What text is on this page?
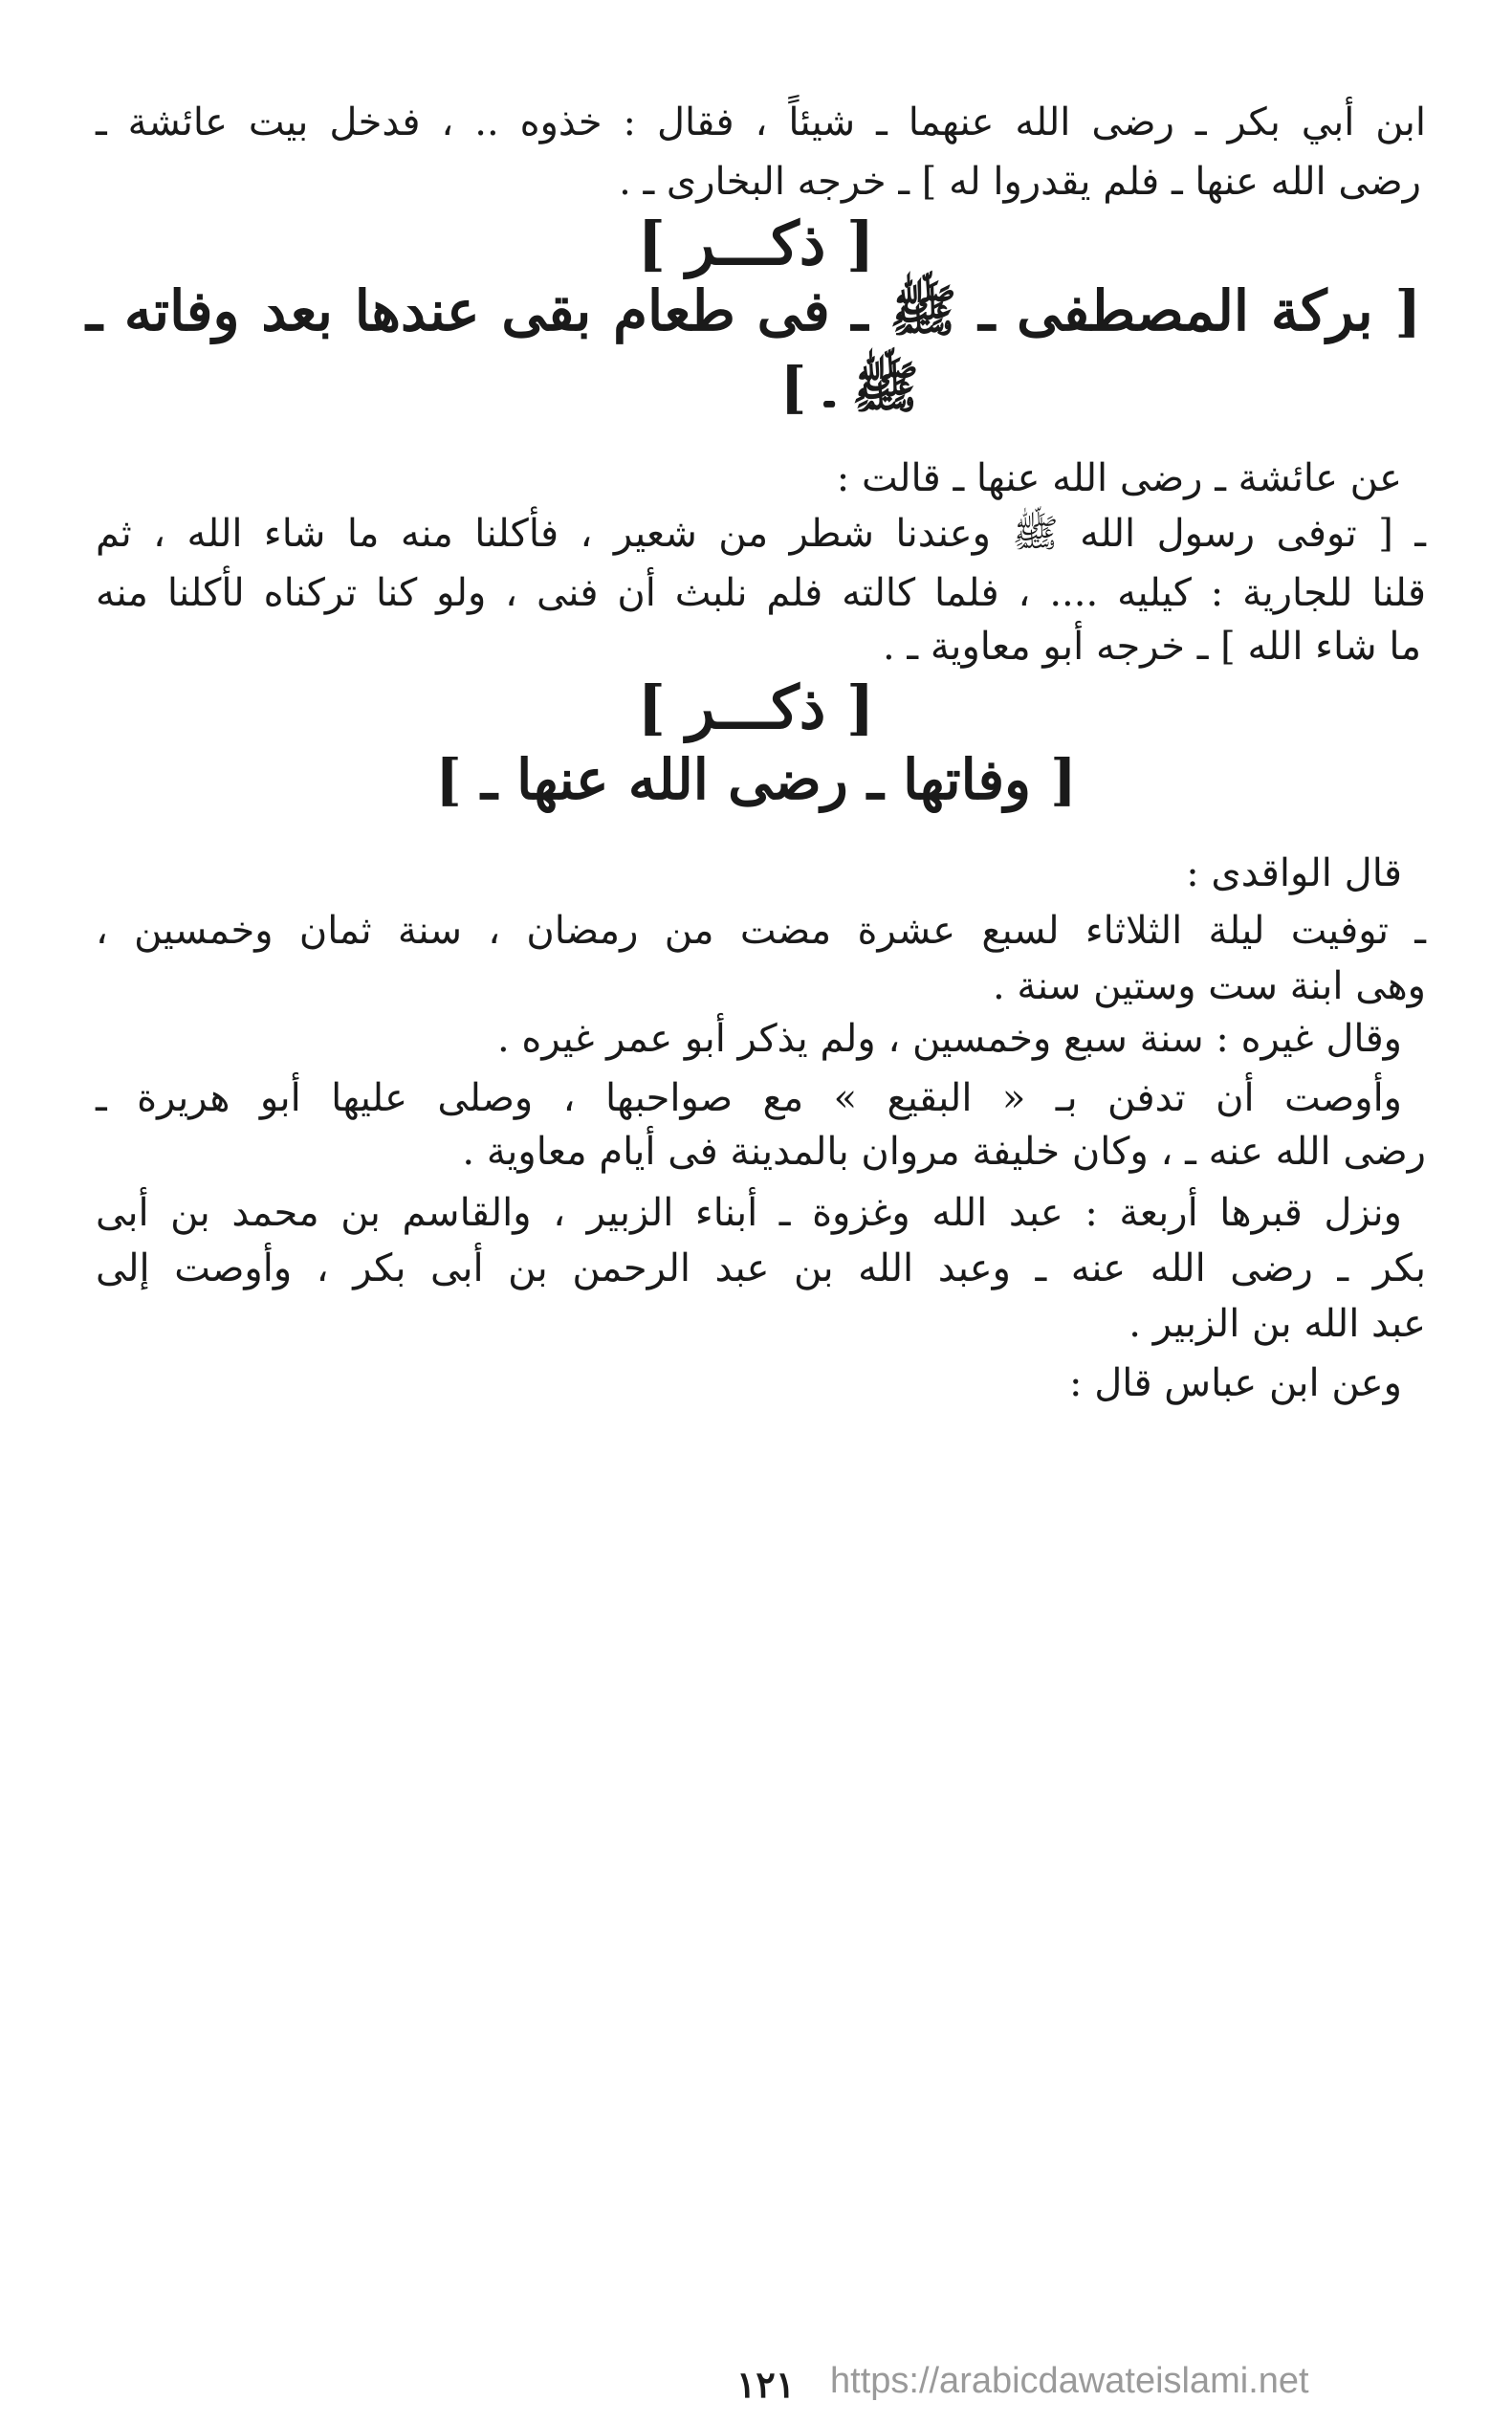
ابن أبي بكر ـ رضى الله عنهما ـ شيئاً ، فقال : خذوه .. ، فدخل بيت عائشة ـ
رضى الله عنها ـ فلم يقدروا له ] ـ خرجه البخارى ـ .
[ ذكـــر ]
[ بركة المصطفى ـ ﷺ ـ فى طعام بقى عندها بعد وفاته ـ
ﷺ ـ ]
عن عائشة ـ رضى الله عنها ـ قالت :
ـ [ توفى رسول الله ﷺ وعندنا شطر من شعير ، فأكلنا منه ما شاء الله ، ثم
قلنا للجارية : كيليه .... ، فلما كالته فلم نلبث أن فنى ، ولو كنا تركناه لأكلنا منه
ما شاء الله ] ـ خرجه أبو معاوية ـ .
[ ذكـــر ]
[ وفاتها ـ رضى الله عنها ـ ]
قال الواقدى :
ـ توفيت ليلة الثلاثاء لسبع عشرة مضت من رمضان ، سنة ثمان وخمسين ،
وهى ابنة ست وستين سنة .
وقال غيره : سنة سبع وخمسين ، ولم يذكر أبو عمر غيره .
وأوصت أن تدفن بـ « البقيع » مع صواحبها ، وصلى عليها أبو هريرة ـ
رضى الله عنه ـ ، وكان خليفة مروان بالمدينة فى أيام معاوية .
ونزل قبرها أربعة : عبد الله وغزوة ـ أبناء الزبير ، والقاسم بن محمد بن أبى
بكر ـ رضى الله عنه ـ وعبد الله بن عبد الرحمن بن أبى بكر ، وأوصت إلى
عبد الله بن الزبير .
وعن ابن عباس قال :
١٢١ https://arabicdawateislami.net
